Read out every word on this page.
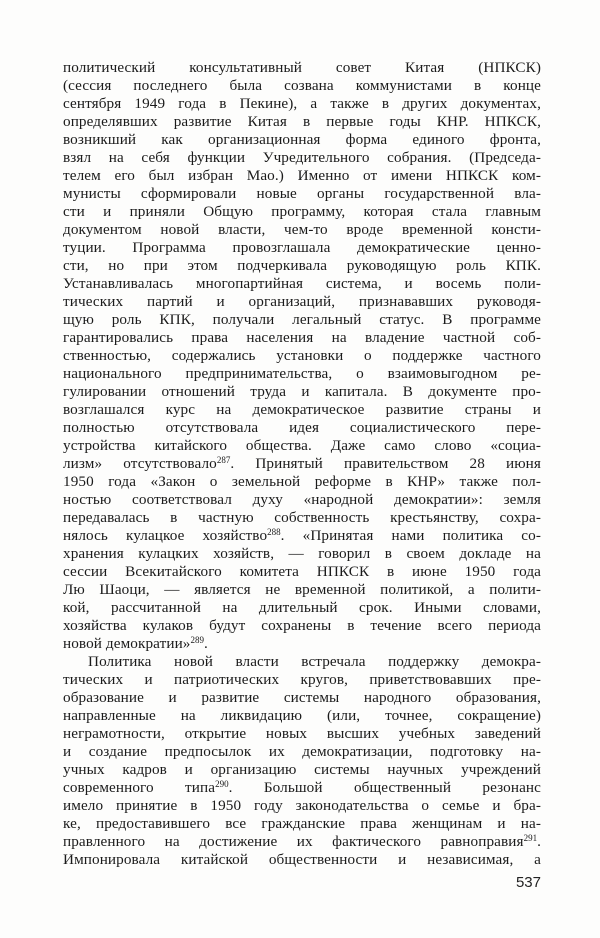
политический консультативный совет Китая (НПКСК)
(сессия последнего была созвана коммунистами в конце
сентября 1949 года в Пекине), а также в других документах,
определявших развитие Китая в первые годы КНР. НПКСК,
возникший как организационная форма единого фронта,
взял на себя функции Учредительного собрания. (Председа-
телем его был избран Мао.) Именно от имени НПКСК ком-
мунисты сформировали новые органы государственной вла-
сти и приняли Общую программу, которая стала главным
документом новой власти, чем-то вроде временной консти-
туции. Программа провозглашала демократические ценно-
сти, но при этом подчеркивала руководящую роль КПК.
Устанавливалась многопартийная система, и восемь поли-
тических партий и организаций, признававших руководя-
щую роль КПК, получали легальный статус. В программе
гарантировались права населения на владение частной соб-
ственностью, содержались установки о поддержке частного
национального предпринимательства, о взаимовыгодном ре-
гулировании отношений труда и капитала. В документе про-
возглашался курс на демократическое развитие страны и
полностью отсутствовала идея социалистического пере-
устройства китайского общества. Даже само слово «социа-
лизм» отсутствовало$^{287}$. Принятый правительством 28 июня
1950 года «Закон о земельной реформе в КНР» также пол-
ностью соответствовал духу «народной демократии»: земля
передавалась в частную собственность крестьянству, сохра-
нялось кулацкое хозяйство$^{288}$. «Принятая нами политика со-
хранения кулацких хозяйств, — говорил в своем докладе на
сессии Всекитайского комитета НПКСК в июне 1950 года
Лю Шаоци, — является не временной политикой, а полити-
кой, рассчитанной на длительный срок. Иными словами,
хозяйства кулаков будут сохранены в течение всего периода
новой демократии»$^{289}$.
Политика новой власти встречала поддержку демокра-
тических и патриотических кругов, приветствовавших пре-
образование и развитие системы народного образования,
направленные на ликвидацию (или, точнее, сокращение)
неграмотности, открытие новых высших учебных заведений
и создание предпосылок их демократизации, подготовку на-
учных кадров и организацию системы научных учреждений
современного типа$^{290}$. Большой общественный резонанс
имело принятие в 1950 году законодательства о семье и бра-
ке, предоставившего все гражданские права женщинам и на-
правленного на достижение их фактического равноправия$^{291}$.
Импонировала китайской общественности и независимая, а
537
